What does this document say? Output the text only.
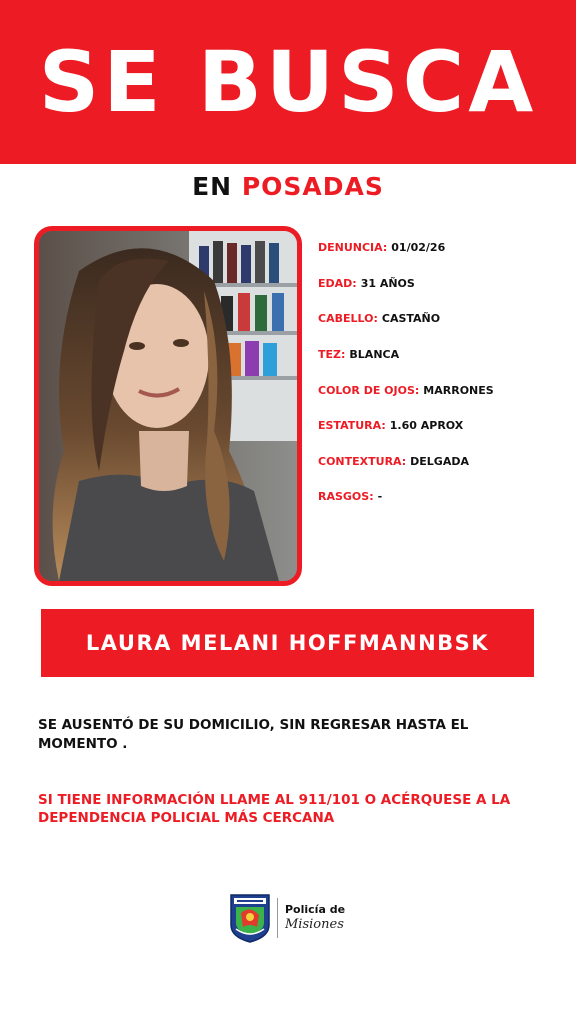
SE BUSCA
EN POSADAS
DENUNCIA: 01/02/26
EDAD: 31 AÑOS
CABELLO: CASTAÑO
TEZ: BLANCA
COLOR DE OJOS: MARRONES
ESTATURA: 1.60 APROX
CONTEXTURA: DELGADA
RASGOS: -
LAURA MELANI HOFFMANNBSK
SE AUSENTÓ DE SU DOMICILIO, SIN REGRESAR HASTA EL MOMENTO .
SI TIENE INFORMACIÓN LLAME AL 911/101 O ACÉRQUESE A LA DEPENDENCIA POLICIAL MÁS CERCANA
Policía de
Misiones
